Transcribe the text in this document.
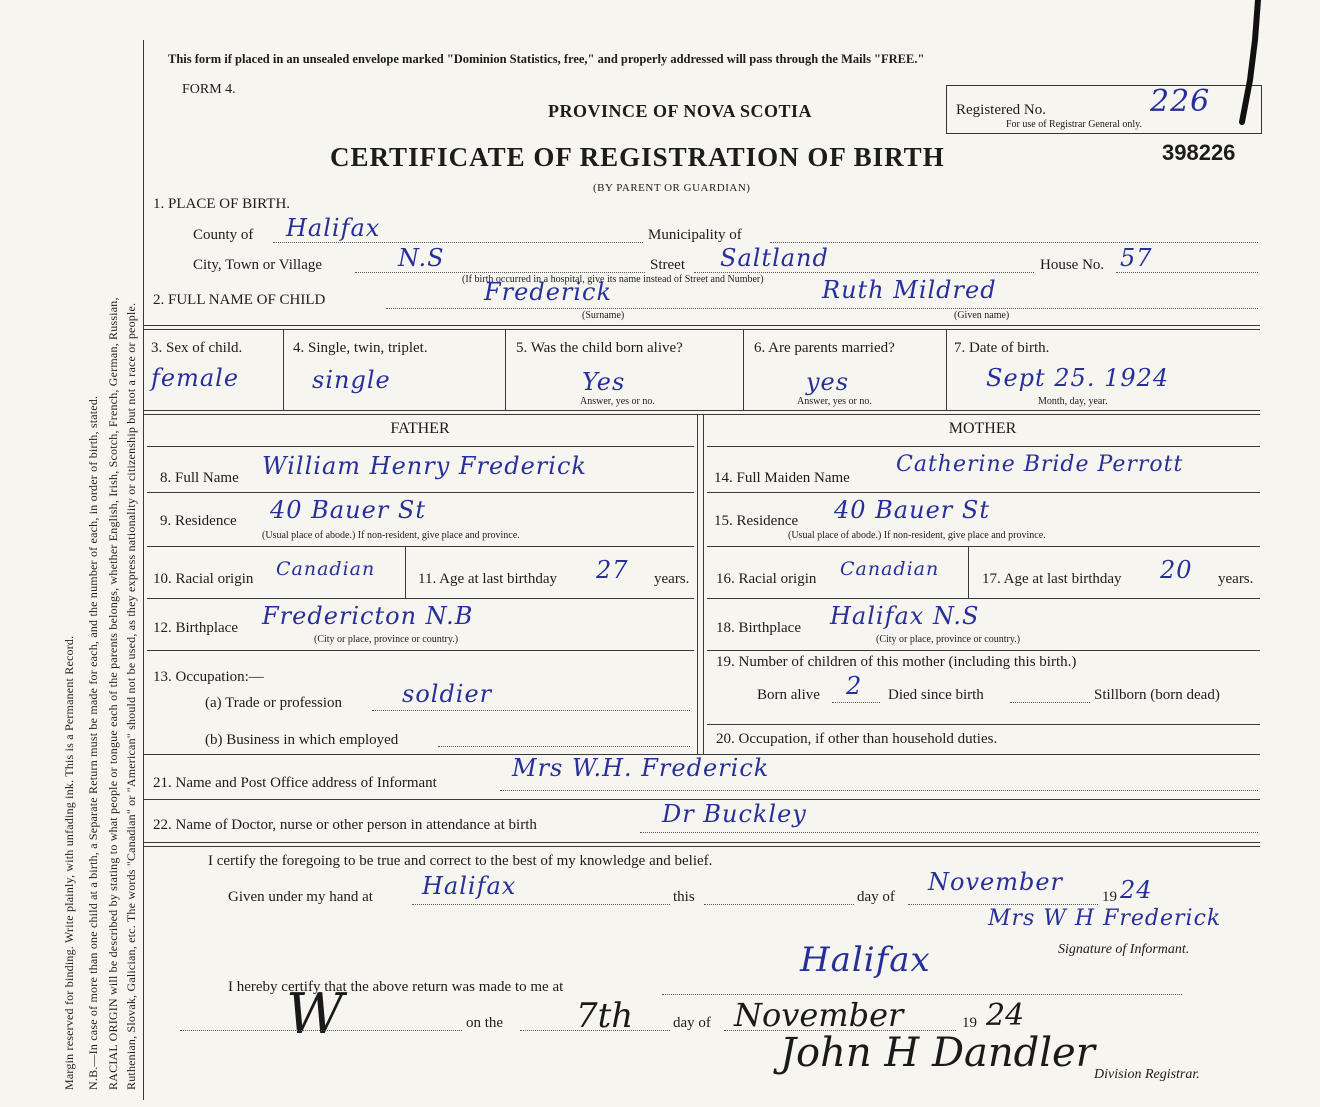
Margin reserved for binding. Write plainly, with unfading ink. This is a Permanent Record. N.B.—In case of more than one child at a birth, a Separate Return must be made for each, and the number of each, in order of birth, stated. RACIAL ORIGIN will be described by stating to what people or tongue each of the parents belongs, whether English, Irish, Scotch, French, German, Russian, Ruthenian, Slovak, Galician, etc. The words "Canadian" or "American" should not be used, as they express nationality or citizenship but not a race or people.
This form if placed in an unsealed envelope marked "Dominion Statistics, free," and properly addressed will pass through the Mails "FREE."
FORM 4.
PROVINCE OF NOVA SCOTIA	Registered No.	226
For use of Registrar General only.
398226
CERTIFICATE OF REGISTRATION OF BIRTH
(BY PARENT OR GUARDIAN)
1. PLACE OF BIRTH.
County of Halifax	Municipality of
City, Town or Village	N.S	Street Saltland	House No. 57
(If birth occurred in a hospital, give its name instead of Street and Number)
2. FULL NAME OF CHILD	Frederick
(Surname)
Ruth Mildred
(Given name)
3. Sex of child.
female
4. Single, twin, triplet.
single
5. Was the child born alive?
Yes
Answer, yes or no.
6. Are parents married?
yes
Answer, yes or no.
7. Date of birth.
Sept 25. 1924
Month, day, year.
FATHER	MOTHER
8. Full Name William Henry Frederick	14. Full Maiden Name
Catherine Bride Perrott
9. Residence 40 Bauer St
(Usual place of abode.) If non-resident, give place and province.
15. Residence 40 Bauer St
(Usual place of abode.) If non-resident, give place and province.
10. Racial origin Canadian	11. Age at last birthday 27 years. 16. Racial origin Canadian	17. Age at last birthday 20 years.
12. Birthplace Fredericton N.B
(City or place, province or country.)
18. Birthplace Halifax N.S
(City or place, province or country.)
13. Occupation:—
(a) Trade or profession soldier
19. Number of children of this mother (including this birth.)
Born alive 2 Died since birth	Stillborn (born dead)
(b) Business in which employed	20. Occupation, if other than household duties.
21. Name and Post Office address of Informant
Mrs W.H. Frederick
22. Name of Doctor, nurse or other person in attendance at birth	Dr Buckley
I certify the foregoing to be true and correct to the best of my knowledge and belief.
Given under my hand at Halifax	this	day of
November
19 24
Mrs W H Frederick
Signature of Informant.
Halifax
I hereby certify that the above return was made to me at
W	on the 7th	day of November	19 24
John H Dandler Division Registrar.
